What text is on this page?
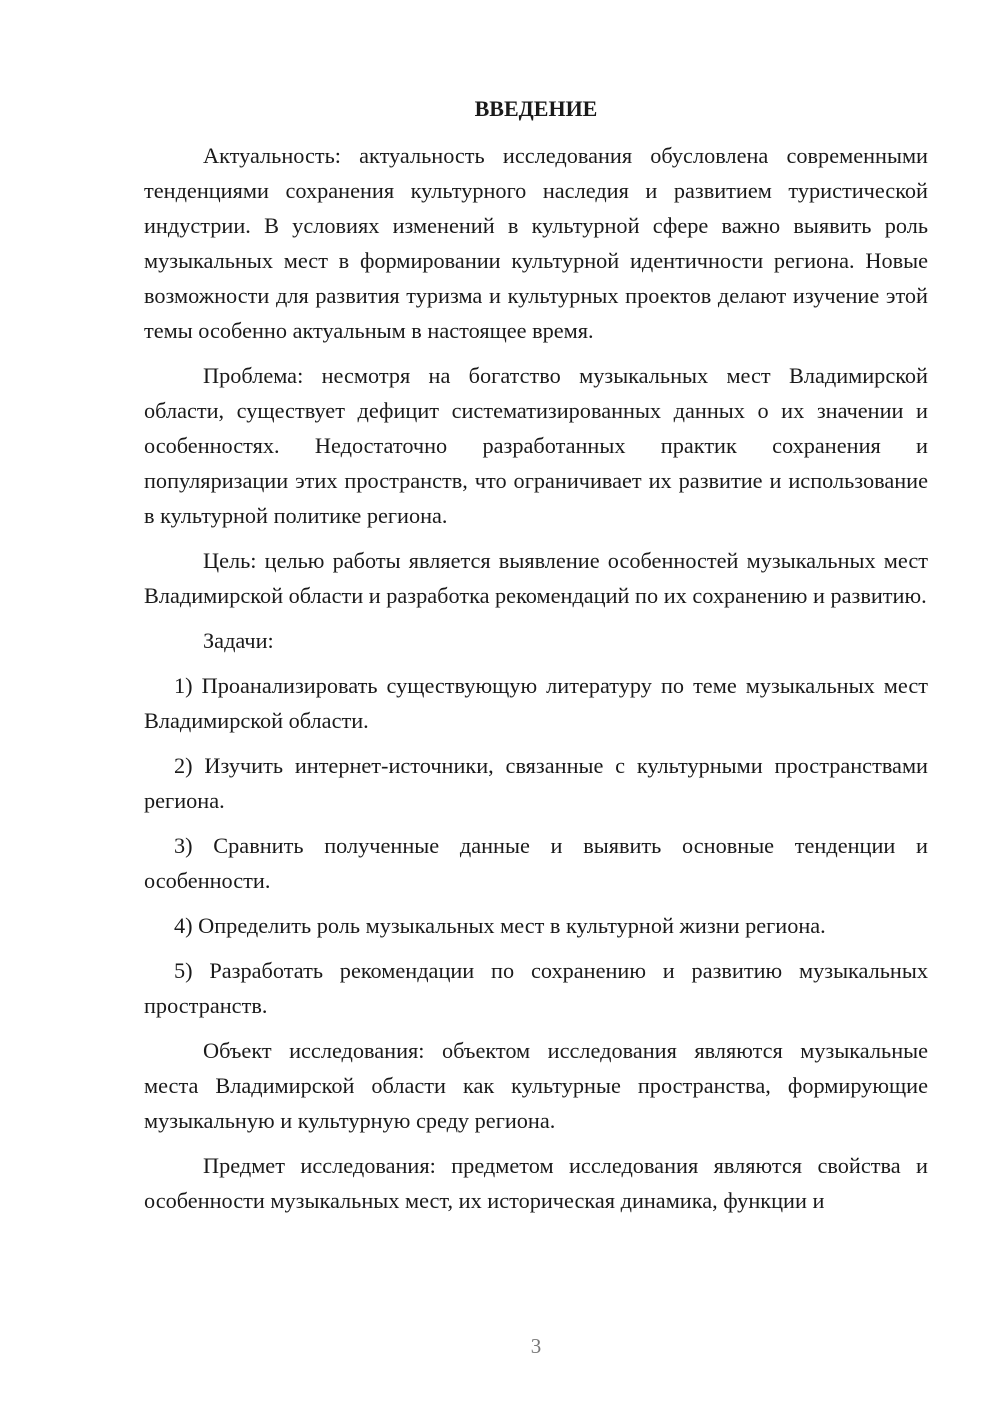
ВВЕДЕНИЕ

Актуальность: актуальность исследования обусловлена современными тенденциями сохранения культурного наследия и развитием туристической индустрии. В условиях изменений в культурной сфере важно выявить роль музыкальных мест в формировании культурной идентичности региона. Новые возможности для развития туризма и культурных проектов делают изучение этой темы особенно актуальным в настоящее время.

Проблема: несмотря на богатство музыкальных мест Владимирской области, существует дефицит систематизированных данных о их значении и особенностях. Недостаточно разработанных практик сохранения и популяризации этих пространств, что ограничивает их развитие и использование в культурной политике региона.

Цель: целью работы является выявление особенностей музыкальных мест Владимирской области и разработка рекомендаций по их сохранению и развитию.

Задачи:

1) Проанализировать существующую литературу по теме музыкальных мест Владимирской области.

2) Изучить интернет-источники, связанные с культурными пространствами региона.

3) Сравнить полученные данные и выявить основные тенденции и особенности.

4) Определить роль музыкальных мест в культурной жизни региона.

5) Разработать рекомендации по сохранению и развитию музыкальных пространств.

Объект исследования: объектом исследования являются музыкальные места Владимирской области как культурные пространства, формирующие музыкальную и культурную среду региона.

Предмет исследования: предметом исследования являются свойства и особенности музыкальных мест, их историческая динамика, функции и

3
